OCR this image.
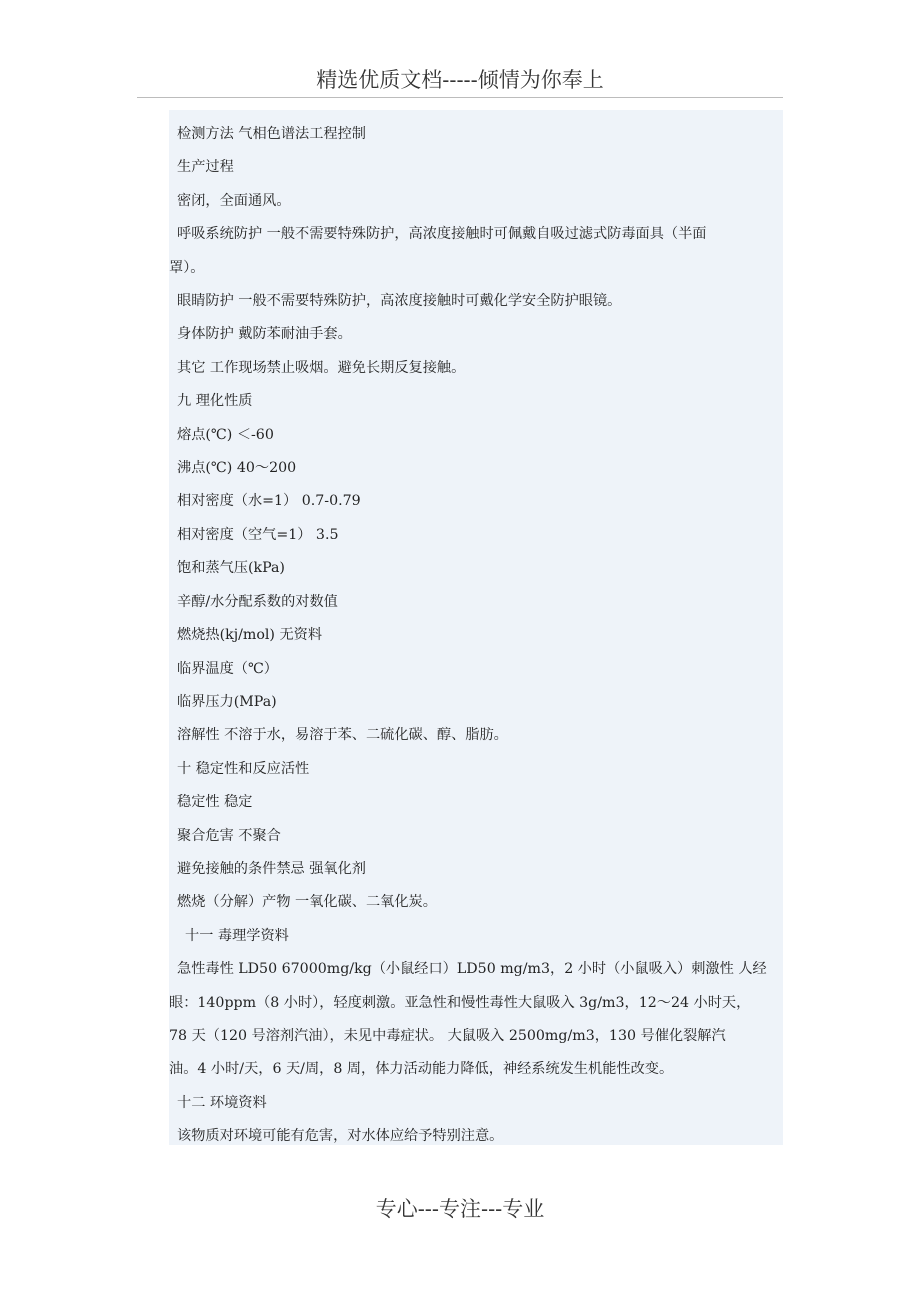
精选优质文档-----倾情为你奉上
检测方法 气相色谱法工程控制
生产过程
密闭，全面通风。
呼吸系统防护 一般不需要特殊防护，高浓度接触时可佩戴自吸过滤式防毒面具（半面
罩）。
眼睛防护 一般不需要特殊防护，高浓度接触时可戴化学安全防护眼镜。
身体防护 戴防苯耐油手套。
其它 工作现场禁止吸烟。避免长期反复接触。
九 理化性质
熔点(℃) ＜-60
沸点(℃) 40～200
相对密度（水=1） 0.7-0.79
相对密度（空气=1） 3.5
饱和蒸气压(kPa)
辛醇/水分配系数的对数值
燃烧热(kj/mol) 无资料
临界温度（℃）
临界压力(MPa)
溶解性 不溶于水，易溶于苯、二硫化碳、醇、脂肪。
十 稳定性和反应活性
稳定性 稳定
聚合危害 不聚合
避免接触的条件禁忌 强氧化剂
燃烧（分解）产物 一氧化碳、二氧化炭。
十一 毒理学资料
急性毒性 LD50 67000mg/kg（小鼠经口）LD50 mg/m3，2 小时（小鼠吸入）刺激性 人经
眼：140ppm（8 小时），轻度刺激。亚急性和慢性毒性大鼠吸入 3g/m3，12～24 小时天，
78 天（120 号溶剂汽油），未见中毒症状。 大鼠吸入 2500mg/m3，130 号催化裂解汽
油。4 小时/天，6 天/周，8 周，体力活动能力降低，神经系统发生机能性改变。
十二 环境资料
该物质对环境可能有危害，对水体应给予特别注意。
专心---专注---专业
